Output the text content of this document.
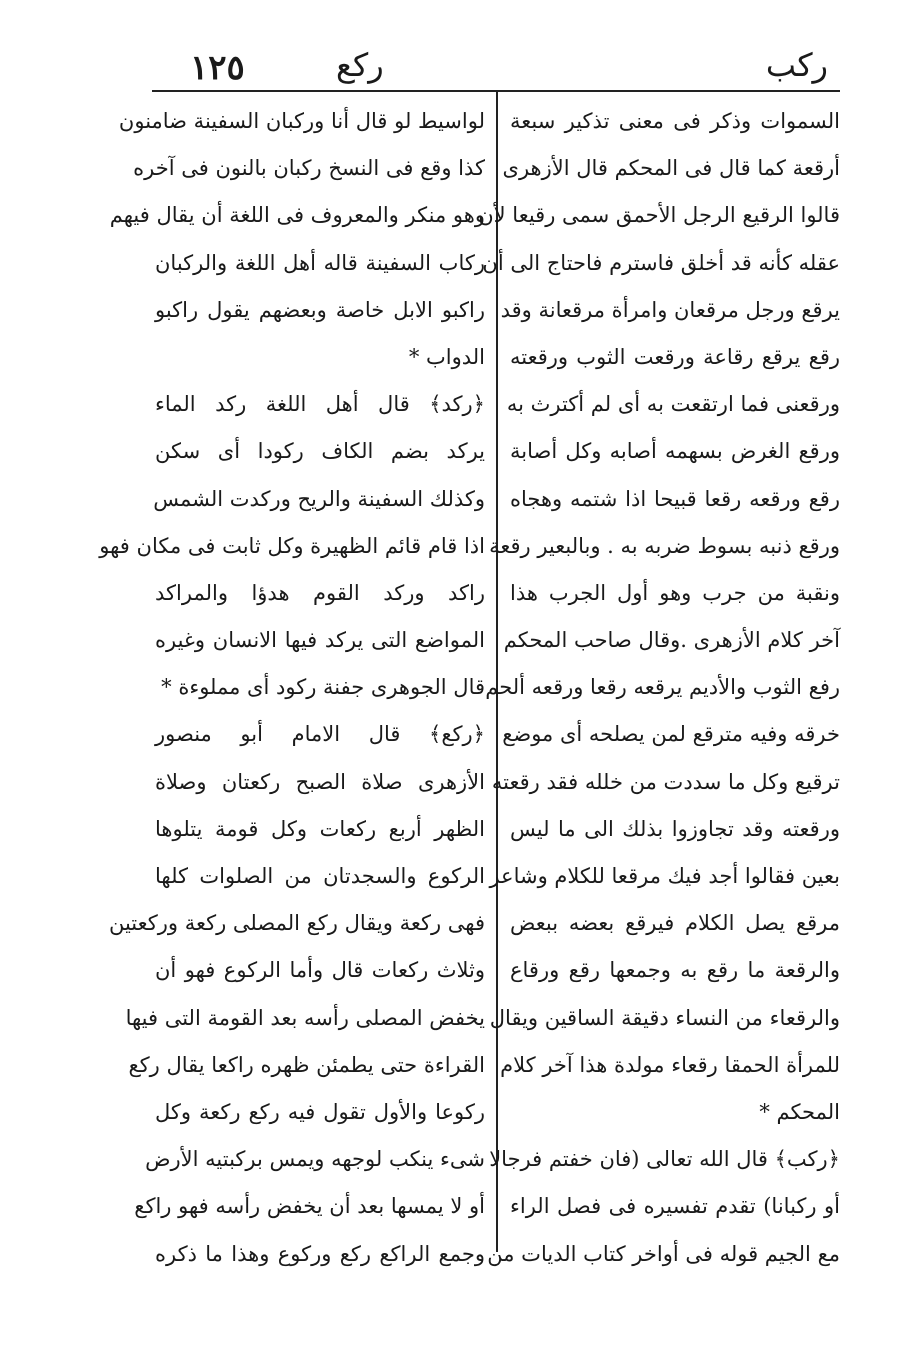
١٢٥	ركع	ركب
السموات وذكر فى معنى تذكير سبعة
أرقعة كما قال فى المحكم قال الأزهرى
قالوا الرقيع الرجل الأحمق سمى رقيعا لأن
عقله كأنه قد أخلق فاسترم فاحتاج الى أن
يرقع ورجل مرقعان وامرأة مرقعانة وقد
رقع يرقع رقاعة ورقعت الثوب ورقعته
ورقعنى فما ارتقعت به أى لم أكترث به
ورقع الغرض بسهمه أصابه وكل أصابة
رقع ورقعه رقعا قبيحا اذا شتمه وهجاه
ورقع ذنبه بسوط ضربه به . وبالبعير رقعة
ونقبة من جرب وهو أول الجرب هذا
آخر كلام الأزهرى .وقال صاحب المحكم
رفع الثوب والأديم يرقعه رقعا ورقعه ألحم
خرقه وفيه مترقع لمن يصلحه أى موضع
ترقيع وكل ما سددت من خلله فقد رقعته
ورقعته وقد تجاوزوا بذلك الى ما ليس
بعين فقالوا أجد فيك مرقعا للكلام وشاعر
مرقع يصل الكلام فيرقع بعضه ببعض
والرقعة ما رقع به وجمعها رقع ورقاع
والرقعاء من النساء دقيقة الساقين ويقال
للمرأة الحمقا رقعاء مولدة هذا آخر كلام
المحكم *
﴿ركب﴾ قال الله تعالى (فان خفتم فرجالا
أو ركبانا) تقدم تفسيره فى فصل الراء
مع الجيم قوله فى أواخر كتاب الديات من
لواسيط لو قال أنا وركبان السفينة ضامنون
كذا وقع فى النسخ ركبان بالنون فى آخره
وهو منكر والمعروف فى اللغة أن يقال فيهم
ركاب السفينة قاله أهل اللغة والركبان
راكبو الابل خاصة وبعضهم يقول راكبو
الدواب *
﴿ركد﴾ قال أهل اللغة ركد الماء
يركد بضم الكاف ركودا أى سكن
وكذلك السفينة والريح وركدت الشمس
اذا قام قائم الظهيرة وكل ثابت فى مكان فهو
راكد وركد القوم هدؤا والمراكد
المواضع التى يركد فيها الانسان وغيره
قال الجوهرى جفنة ركود أى مملوءة *
﴿ركع﴾ قال الامام أبو منصور
الأزهرى صلاة الصبح ركعتان وصلاة
الظهر أربع ركعات وكل قومة يتلوها
الركوع والسجدتان من الصلوات كلها
فهى ركعة ويقال ركع المصلى ركعة وركعتين
وثلاث ركعات قال وأما الركوع فهو أن
يخفض المصلى رأسه بعد القومة التى فيها
القراءة حتى يطمئن ظهره راكعا يقال ركع
ركوعا والأول تقول فيه ركع ركعة وكل
شىء ينكب لوجهه ويمس بركبتيه الأرض
أو لا يمسها بعد أن يخفض رأسه فهو راكع
وجمع الراكع ركع وركوع وهذا ما ذكره
